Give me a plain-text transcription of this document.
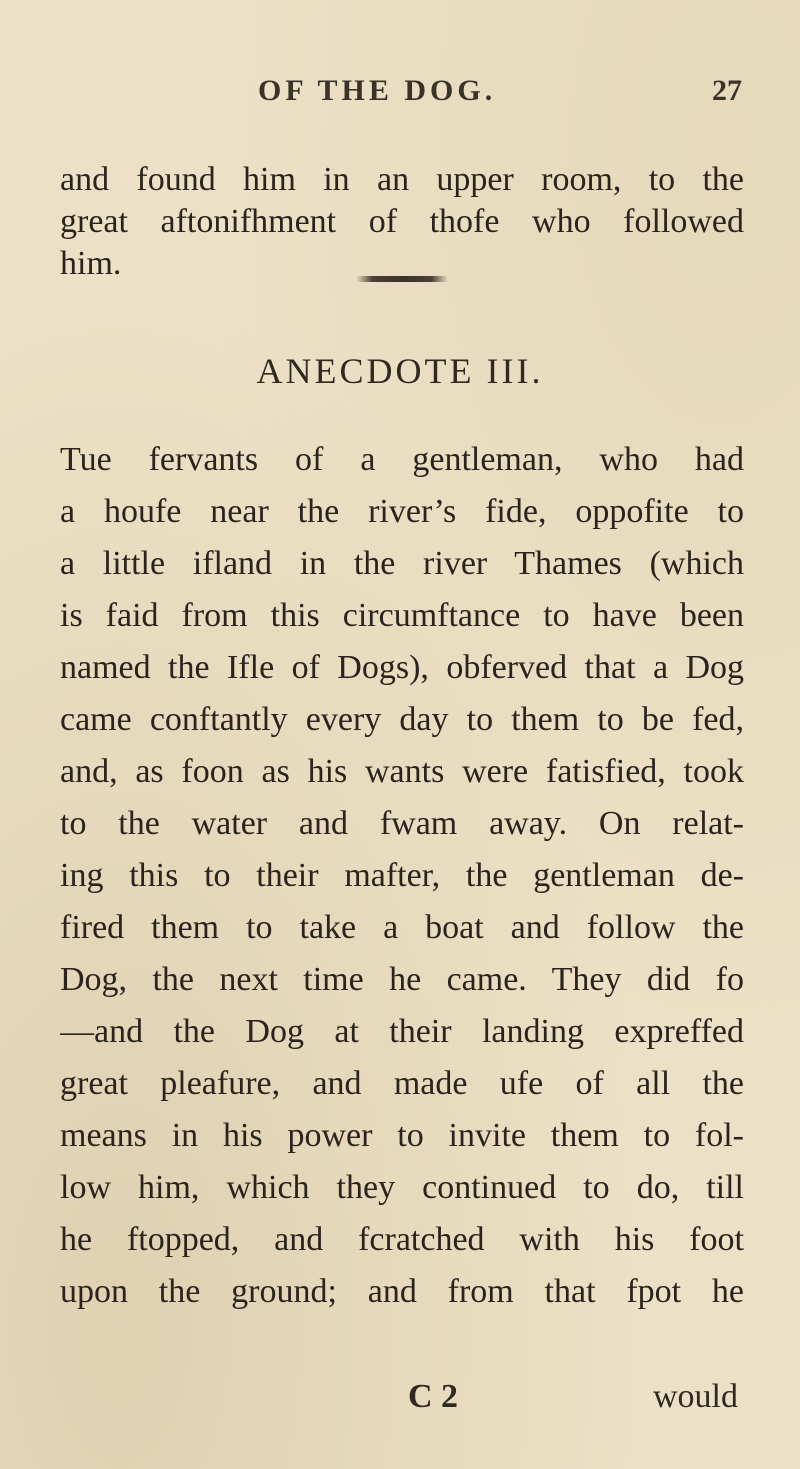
OF THE DOG.	27
and found him in an upper room, to the
great aftonifhment of thofe who followed
him.
ANECDOTE III.
Tue fervants of a gentleman, who had
a houfe near the river’s fide, oppofite to
a little ifland in the river Thames (which
is faid from this circumftance to have been
named the Ifle of Dogs), obferved that a Dog
came conftantly every day to them to be fed,
and, as foon as his wants were fatisfied, took
to the water and fwam away. On relat-
ing this to their mafter, the gentleman de-
fired them to take a boat and follow the
Dog, the next time he came. They did fo
—and the Dog at their landing expreffed
great pleafure, and made ufe of all the
means in his power to invite them to fol-
low him, which they continued to do, till
he ftopped, and fcratched with his foot
upon the ground; and from that fpot he
C 2	would
